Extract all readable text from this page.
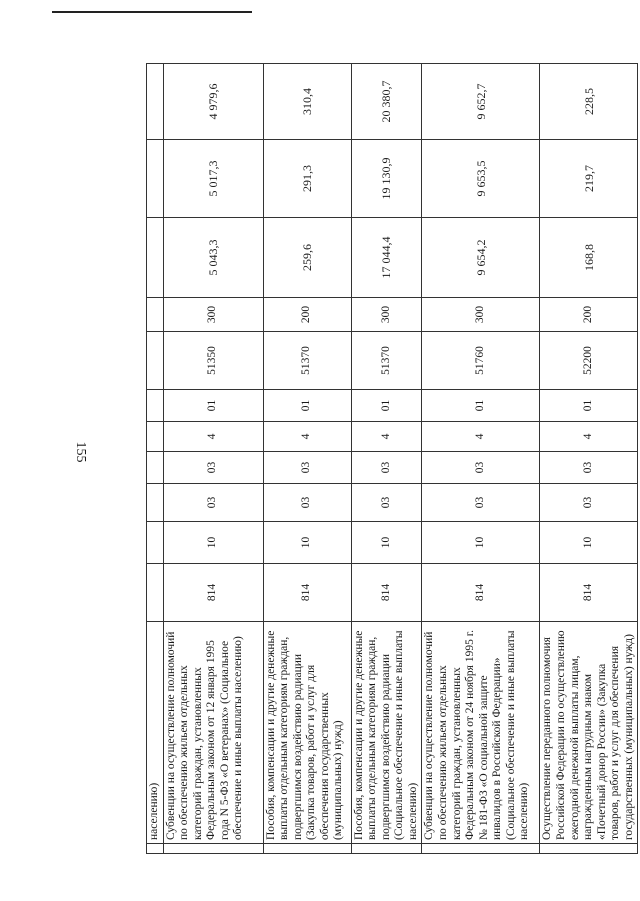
155
	населению)											
	Субвенции на осуществление полномочий по обеспечению жильем отдельных категорий граждан, установленных Федеральным законом от 12 января 1995 года N 5-ФЗ «О ветеранах» (Социальное обеспечение и иные выплаты населению)	814	10	03	03	4	01	51350	300	5 043,3	5 017,3	4 979,6
	Пособия, компенсации и другие денежные выплаты отдельным категориям граждан, подвергшимся воздействию радиации (Закупка товаров, работ и услуг для обеспечения государственных (муниципальных) нужд)	814	10	03	03	4	01	51370	200	259,6	291,3	310,4
	Пособия, компенсации и другие денежные выплаты отдельным категориям граждан, подвергшимся воздействию радиации (Социальное обеспечение и иные выплаты населению)	814	10	03	03	4	01	51370	300	17 044,4	19 130,9	20 380,7
	Субвенции на осуществление полномочий по обеспечению жильем отдельных категорий граждан, установленных Федеральным законом от 24 ноября 1995 г. № 181-ФЗ «О социальной защите инвалидов в Российской Федерации» (Социальное обеспечение и иные выплаты населению)	814	10	03	03	4	01	51760	300	9 654,2	9 653,5	9 652,7
	Осуществление переданного полномочия Российской Федерации по осуществлению ежегодной денежной выплаты лицам, награжденным нагрудным знаком «Почетный донор России» (Закупка товаров, работ и услуг для обеспечения государственных (муниципальных) нужд)	814	10	03	03	4	01	52200	200	168,8	219,7	228,5
